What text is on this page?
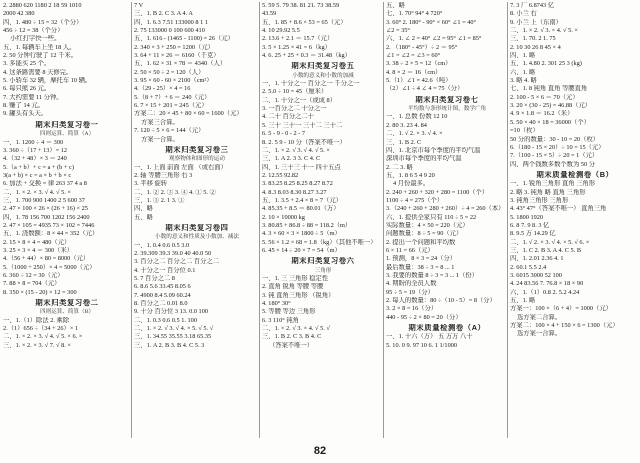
2. 2880 620 1180 2 18 59 1010
2000 42 380
四、1. 480 ÷ 15 = 32（个分）
456 ÷ 12 = 38（个分）
小红打字快一些。
五、1. 每辆车上坐 18 人。
2. 50 分钟行驶了 12 千米。
3. 多能买 25 个。
4. 这条路需要 8 天修完。
5. 小轿车 32 辆，摩托车 10 辆。
6. 每只熊 26 元。
7. 大约需要 11 分钟。
8. 赚了 14 元。
9. 罐头有头天。
期末归类复习卷一
四则运算、简算（A）
一、1. 1200 ÷ 4 ＝ 300
3. 360 ÷（17 + 13）= 12
4.（32 + 48）× 3 ＝ 240
5.（a + b）+ c = a + (b + c)
3(a + b) × c = a × b + b × c
6. 加法 + 交换 = 律 263 37 4 a 8
二、1. × 2. × 3. √ 4. √ 5. ×
三、1. 700 900 1400 2 5 600 37
2. 47 × 100 × 26 × (26 + 16) × 25
四、1. 78 156 700 1202 156 2400
2. 47 × 105 = 4935 73 × 102 = 7446
五、1. 浇数额：8 × 44 = 352（元）
2. 15 × 8 × 4 = 480（元）
3. 25 × 3 × 4 ＝ 300（米）
4.（56 + 44）× 80 = 8000（元）
5.（1000 + 250）× 4 = 5000（元）
6. 360 ÷ 12 = 30（元）
7. 88 × 8 = 704（元）
8. 350 × (15 - 20) × 12 = 300
期末归类复习卷二
四则运算、简算（B）
一、1.（1）除法 2. 乘除
2.（1）656 ÷（34 + 26）× 1
二、1. × 2. × 3. √ 4. √ 5. × 6. ×
三、1. × 2. × 3. √ 7. √ 8. ×
7 V
三、1. B 2. C 3. A 4. A
四、1. 6.3 7.51 133000 8 1 1
2. 75 133000 0 100 600 410
五、1. 616 - (1465 - 1100) = 26（元）
2. 340 × 3 + 250 = 1200（元）
3. 64 + 11 × 26 ＝ 6160（千克）
五、1. 62 × 31 × 78 ＝ 4340（人）
2. 50 × 50 ÷ 2 = 120（人）
3. 95 × 60 - 60 × 2100（cm²）
4.（29 - 25）× 4 = 16
5.（8 + 7）+ 6 ＝ 240（元）
6. 7 × 15 + 201 = 245（元）
方案二：20 × 45 + 80 × 60 = 1600（元）
方案三合算。
7. 120 ÷ 5 × 6 = 144（元）
方案一合算。
期末归类复习卷三
观察物体和图形的运动
一、1. 上面 前面 左面 （或右面）
2. 轴 等腰三角形 右 3
3. 平移 旋转
二、1. ② 2. ③ 3. ④ 4. ① 5. ②
三、1. ③ 2. 1 3. ①
四、略
五、略
期末归类复习卷四
小数的意义和性质及小数加、减法
一、1. 0.4 0.6 0.5 3.0
2. 39.309 39.3 39.0 40 40.0 50
3. 百分之二 百分之二 百分之二
4. 十分之一 百分位 0.1
5. 7 百分之二 8
6. 8.6 5.6 33.45 8.05 6
7. 4900 8.4 5.09 60.24
8. 百分之二 0.01 8.0
9. 十分 百分位 3 13. 0.0 100
二、1. 0.3 0.6 0.5 1. 100
二、1. × 2. √ 3. √ 4. × 5. √ 5. √
三、1. 34.55 35.55 3.18 65.35
三、1. A 2. B 3. B 4. C 5. 3
5. 59 5. 79 38. 81 21. 73 38.59
43.59
五、1. 85 + 8.6 × 53 = 65（元）
4. 10 29.92 5.5
2. 13.6 + 2.1 ＝ 15.7（元）
3. 5 × 1.25 × 41 = 6（kg）
4. 6. 25 + 25 + 0.3 ＝ 31.48（kg）
期末归类复习卷五
小数的意义和小数的加减
一、1. 十分之一 百分之一 千分之一
2. 5.0 ÷ 10 = 45（厘米）
二、1. 十分之一（或成 8）
3. 一百分之二 十分之一
4. 二十 百分之二十
5. 三十 三十一 三十二 三十二
6. 5 - 9 - 0 - 2 - 7
8. 2. 5 9 - 10 分（答案不唯一）
二、1. × 2. √ 3. √ 4. √ 5. ×
三、1. A 2. 3 3. C 4. C
四、1. 三十三 十一 四十五点
2. 12.55 92.82
3. 83.25 8.25 8.25 8.27 8.72
4. 8.3 8.03 8.30 8.27 3.27
五、1. 3.5 + 2.4 × 8 = 7（元）
4. 85.35 + 8.5 ＝ 80.01（万）
2. 10 × 10000 kg
3. 80.85 + 86.8 ÷ 88 = 118.2（m）
4. 3 × 60 × 3 × 1800 ÷ 5（m）
5. 56 × 1.2 × 68 = 1.8（kg）（其他不唯一）
6. 45 × 14 ÷ 20 × 7 = 54（m）
期末归类复习卷六
三角形
一、1. 三 三角形 稳定性
2. 直角 锐角 等腰 等腰
3. 钝 直角三角形 （锐角）
4. 180° 30°
5. 等腰 等边 三角形
6. 3 110° 钝角
二、1. × 2. √ 3. × 4. √ 5. √
三、1. B 2. C 3. B 4. C
（答案不唯一）
五、略
七、1. 70° 94° 4 720°
3. 60° 2. 180° - 90° × 60° ∠1 = 40°
∠2 = 35°
六、1. ∠ 2 = 40° ∠2 = 95° ∠1 = 85°
2. （180° - 45°）÷ 2 ＝ 95°
∠1 = ∠2 = ∠3 = 60°
3. 38 ÷ 2 × 5 = 12（cm）
4. 8 × 2 ＝ 16（cm）
5.（1）∠1 = 42.6（吨）
（2）∠1 ÷ 4 ∠ 4 = 75（分）
期末归类复习卷七
平均数与条形统计图，数学广角
一、1. 总数 份数 12 10
2. 80 3. 23 4. 84
二、1. √ 2. × 3. √ 4. ×
三、1. B 2. C
四、1. 北京市每个季度的平均气温
深圳市每个季度的平均气温
2. 二 3. 略
五、1. 8 6 5 4 9 20
4 月份最多。
2. 240 + 260 + 320 + 280 = 1100（个）
1100 ÷ 4 = 275（个）
3.（240 + 260 + 280 + 260）÷ 4 = 260（本）
六、1. 提供全家只有 110 ÷ 5 = 22
实际数量：4 × 50 = 220（元）
问题数量：8 ÷ 5 = 90（元）
2. 提出一个问题和平均数
6 × 11 = 66（元）
1. 预测，8 × 3 = 24（分）
最后数量：38 ÷ 3 = 8 ... 1
3. 我要的数量 8 ÷ 3 = 3 ... 1（份）
4. 期盼的全员人数
95 ÷ 5 = 19（分）
2. 每人的数量：80 ÷（10 - 5）= 8（分）
3. 2 × 8 = 16（分）
440 - 95 ÷ 2 × 80 = 20（分）
期末质量检测卷（A）
一、1. 十六（万） 五 万万 八十
5. 10. 0 9. 97 10 6. 1 1/1000
7. 3 厂 6.8743 亿
8. 小兰 右
9. 小兰 上（东南）
二、1. × 2. √ 3. × 4. √ 5. ×
三、1. 70. 2 1. 75
2. 10 30 26 8 45 × 4
四、1. 略
五、1. 4.80 2. 301 25 3 (kg)
六、1. 略
3. 略 4. 略
七、1. 8 钝角 直角 等腰直角
2. 100 - 5 × 6 ＝ 70（元）
3. 20 × (30 - 25) = 46.88（元）
4. 9 × 1.8 ＝ 16.2（米）
5. 50 × 40 × 18 = 36000（个）
=10（枚）
50 分的数量：30 - 10 = 20（枚）
6.（180 - 15 × 20）÷ 10 = 15（元）
7.（100 - 15 × 5）÷ 20 = 1（元）
四、两个钱数多数个数为 50 分
期末质量检测卷（B）
一、1. 锐角三角形 直角 三角形
2. 略 3. 钝角 略 直角 三角形
3. 钝角三角形 三角形
4. 43° 47°（答案不唯一） 直角三角
5. 1800 1920
6. 8 7. 9 8. 3 亿
8. 9.5 万 14.29 亿
二、1. √ 2. × 3. √ 4. × 5. √ 6. ×
三、1. C 2. B 3. A 4. C 5. B
四、1. 2.01 2.36 4. 1
2. 60.1 5.5 2.4
3. 6015 3000 52 100
4. 24 83.56 7. 76.8 × 18 × 90
六、1.（1）0.8 2. 5.2 4.24
五、1. 略
方案一：100 ×（6 + 4）= 1000（元）
选方案二合算。
方案二：100 × 4 + 150 × 6 = 1300（元）
选方案一合算。
82
